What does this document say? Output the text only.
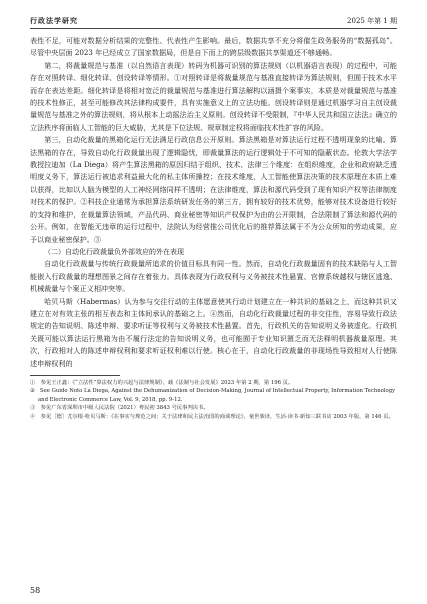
行政法学研究	2025 年第 1 期

表性不足，可能对数据分析结果的完整性、代表性产生影响。最后，数据共享不充分将催生政务服务的“数据孤岛”。尽管中央层面 2023 年已经成立了国家数据局，但是自下而上的跨层级数据共享渠道还不够通畅。

第二，将裁量规范与基准（以自然语言表现）转码为机器可识别的算法规则（以机器语言表现）的过程中，可能存在对照转译、细化转译、创设转译等情形。①对照转译是将裁量规范与基准直接转译为算法规则，但囿于技术水平而存在表达差距。细化转译是将相对宽泛的裁量规范与基准进行算法解构以涵摄个案事实，本质是对裁量规范与基准的技术性修正，甚至可能修改其法律构成要件，具有实施意义上的立法功能。创设转译则是通过机器学习自主创设裁量规范与基准之外的算法规则，将从根本上动摇法治主义原则。创设转译不受限制，『中华人民共和国立法法』确立的立法秩序将面临人工智能的巨大威胁，尤其是下位法规、规章制定权将面临技术性扩容的风险。

第三，自动化裁量的黑箱化运行无法满足行政信息公开原则。算法黑箱是对算法运行过程不透明现象的比喻。算法黑箱的存在，导致自动化行政裁量出现了逻辑隐忧，即裁量算法的运行逻辑处于不可知的隐蔽状态。伦敦大学法学教授拉迪加（La Diega）将产生算法黑箱的原因归结于组织、技术、法律三个维度：在组织维度，企业和政府缺乏透明度义务下，算法运行被追求利益最大化的私主体所操控；在技术维度，人工智能使算法决策的技术原理在本质上难以获得，比如以人脑为模型的人工神经网络同样不透明；在法律维度，算法和源代码受到了现有知识产权等法律制度对技术的保护。②科技企业通常为承担算法系统研发任务的第三方，拥有较好的技术优势，能够对技术设备进行较好的支持和维护，在裁量算法领域，产品代码、商业秘密等知识产权保护为由的公开限制，合法限制了算法和源代码的公开。例如，在智能无违章的运行过程中，法院认为经营推公司优化后的推荐算法属于不为公众所知的劳动成果，应予以商业秘密保护。③

（二）自动化行政裁量负外部效应的外在表现

自动化行政裁量与传统行政裁量所追求的价值目标具有同一性。然而，自动化行政裁量固有的技术缺陷与人工智能嵌入行政裁量的理想图景之间存在着张力。具体表现为行政权利与义务被技术性悬置、官僚系统越权与辖区逃逸、机械裁量与个案正义相冲突等。

哈贝马斯（Habermas）认为参与交往行动的主体愿意使其行动计划建立在一种共识的基础之上，而这种共识又建立在对有效主张的相互表态和主体间承认的基础之上。④然而，自动化行政裁量过程的非交往性，容易导致行政法规定的告知说明、陈述申辩、要求听证等权利与义务被技术性悬置。首先，行政机关的告知说明义务被虚化。行政机关既可能以算法运行黑箱为由不履行法定的告知说明义务，也可能囿于专业知识匮乏而无法释明机器裁量原理。其次，行政相对人的陈述申辩权利和要求听证权利难以行使。核心在于，自动化行政裁量的非现场性导致相对人行使陈述申辩权利的

①　参见王正鑫：《“立法性”算法权力的兴起与法律规制》，载《法制与社会发展》2023 年第 2 期，第 196 页。

②　See Guido Noto La Diega, Against the Dehumanization of Decision-Making, Journal of Intellectual Property, Information Technology and Electronic Commerce Law, Vol. 9, 2018, pp. 9-12.

③　参见广东省深圳市中级人民法院（2021）粤民初 3843 号民事判决书。

④　参见［德］尤尔根·哈贝马斯：《在事实与规范之间：关于法律和民主法治国的商谈理论》，童世骏译，生活·读书·新知三联书店 2003 年版，第 146 页。

58
